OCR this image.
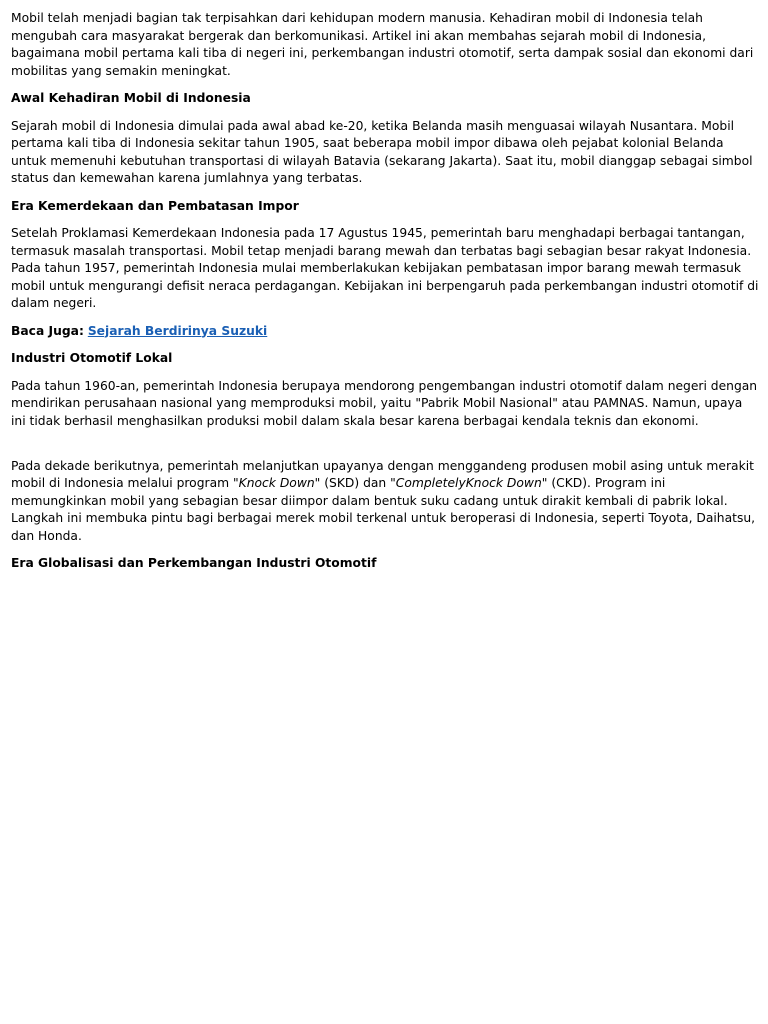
Mobil telah menjadi bagian tak terpisahkan dari kehidupan modern manusia. Kehadiran mobil di Indonesia telah mengubah cara masyarakat bergerak dan berkomunikasi. Artikel ini akan membahas sejarah mobil di Indonesia, bagaimana mobil pertama kali tiba di negeri ini, perkembangan industri otomotif, serta dampak sosial dan ekonomi dari mobilitas yang semakin meningkat.

Awal Kehadiran Mobil di Indonesia

Sejarah mobil di Indonesia dimulai pada awal abad ke-20, ketika Belanda masih menguasai wilayah Nusantara. Mobil pertama kali tiba di Indonesia sekitar tahun 1905, saat beberapa mobil impor dibawa oleh pejabat kolonial Belanda untuk memenuhi kebutuhan transportasi di wilayah Batavia (sekarang Jakarta). Saat itu, mobil dianggap sebagai simbol status dan kemewahan karena jumlahnya yang terbatas.

Era Kemerdekaan dan Pembatasan Impor

Setelah Proklamasi Kemerdekaan Indonesia pada 17 Agustus 1945, pemerintah baru menghadapi berbagai tantangan, termasuk masalah transportasi. Mobil tetap menjadi barang mewah dan terbatas bagi sebagian besar rakyat Indonesia. Pada tahun 1957, pemerintah Indonesia mulai memberlakukan kebijakan pembatasan impor barang mewah termasuk mobil untuk mengurangi defisit neraca perdagangan. Kebijakan ini berpengaruh pada perkembangan industri otomotif di dalam negeri.

Baca Juga: Sejarah Berdirinya Suzuki

Industri Otomotif Lokal

Pada tahun 1960-an, pemerintah Indonesia berupaya mendorong pengembangan industri otomotif dalam negeri dengan mendirikan perusahaan nasional yang memproduksi mobil, yaitu "Pabrik Mobil Nasional" atau PAMNAS. Namun, upaya ini tidak berhasil menghasilkan produksi mobil dalam skala besar karena berbagai kendala teknis dan ekonomi.

Pada dekade berikutnya, pemerintah melanjutkan upayanya dengan menggandeng produsen mobil asing untuk merakit mobil di Indonesia melalui program "Knock Down" (SKD) dan "CompletelyKnock Down" (CKD). Program ini memungkinkan mobil yang sebagian besar diimpor dalam bentuk suku cadang untuk dirakit kembali di pabrik lokal. Langkah ini membuka pintu bagi berbagai merek mobil terkenal untuk beroperasi di Indonesia, seperti Toyota, Daihatsu, dan Honda.

Era Globalisasi dan Perkembangan Industri Otomotif
